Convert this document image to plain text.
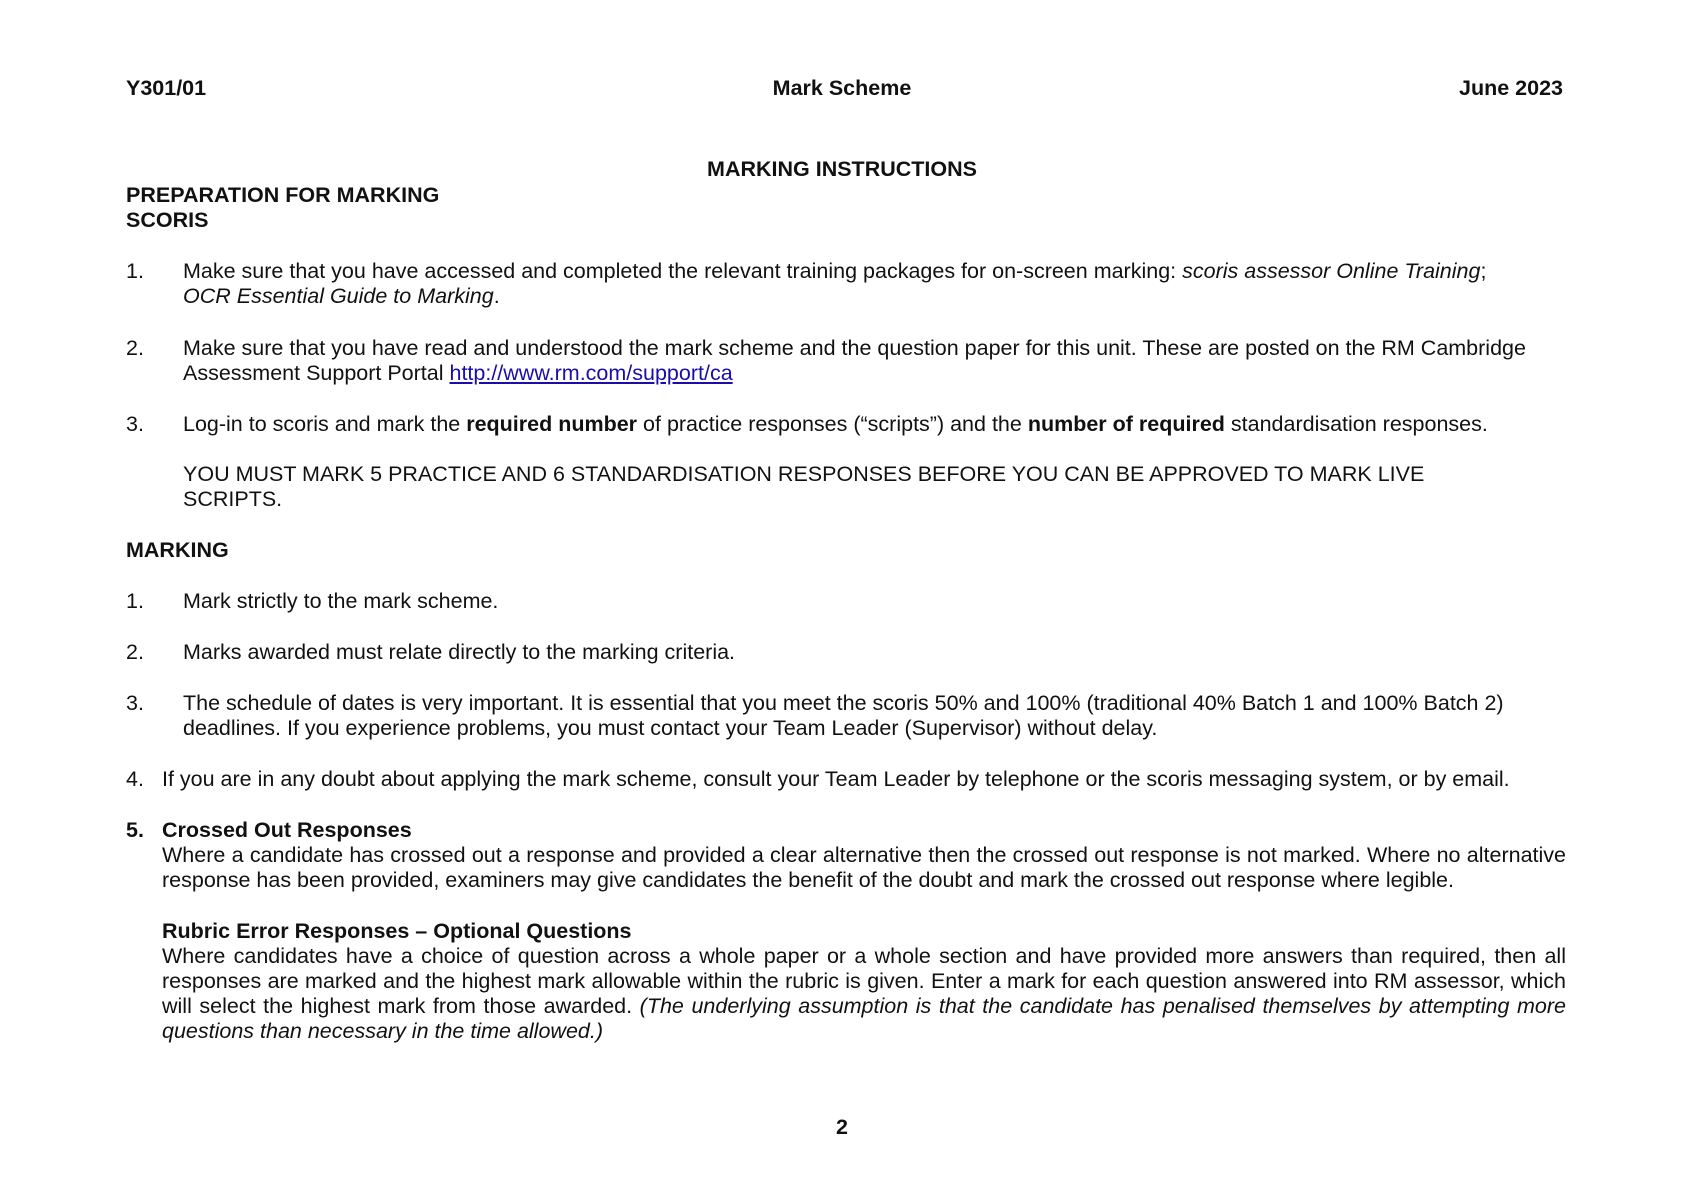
Y301/01	Mark Scheme	June 2023
MARKING INSTRUCTIONS
PREPARATION FOR MARKING
SCORIS
1. Make sure that you have accessed and completed the relevant training packages for on-screen marking: scoris assessor Online Training;
OCR Essential Guide to Marking.
2. Make sure that you have read and understood the mark scheme and the question paper for this unit. These are posted on the RM Cambridge Assessment Support Portal http://www.rm.com/support/ca
3. Log-in to scoris and mark the required number of practice responses (“scripts”) and the number of required standardisation responses.
YOU MUST MARK 5 PRACTICE AND 6 STANDARDISATION RESPONSES BEFORE YOU CAN BE APPROVED TO MARK LIVE SCRIPTS.
MARKING
1. Mark strictly to the mark scheme.
2. Marks awarded must relate directly to the marking criteria.
3. The schedule of dates is very important. It is essential that you meet the scoris 50% and 100% (traditional 40% Batch 1 and 100% Batch 2) deadlines. If you experience problems, you must contact your Team Leader (Supervisor) without delay.
4. If you are in any doubt about applying the mark scheme, consult your Team Leader by telephone or the scoris messaging system, or by email.
5. Crossed Out Responses
Where a candidate has crossed out a response and provided a clear alternative then the crossed out response is not marked. Where no alternative response has been provided, examiners may give candidates the benefit of the doubt and mark the crossed out response where legible.
Rubric Error Responses – Optional Questions
Where candidates have a choice of question across a whole paper or a whole section and have provided more answers than required, then all responses are marked and the highest mark allowable within the rubric is given. Enter a mark for each question answered into RM assessor, which will select the highest mark from those awarded. (The underlying assumption is that the candidate has penalised themselves by attempting more questions than necessary in the time allowed.)
2
